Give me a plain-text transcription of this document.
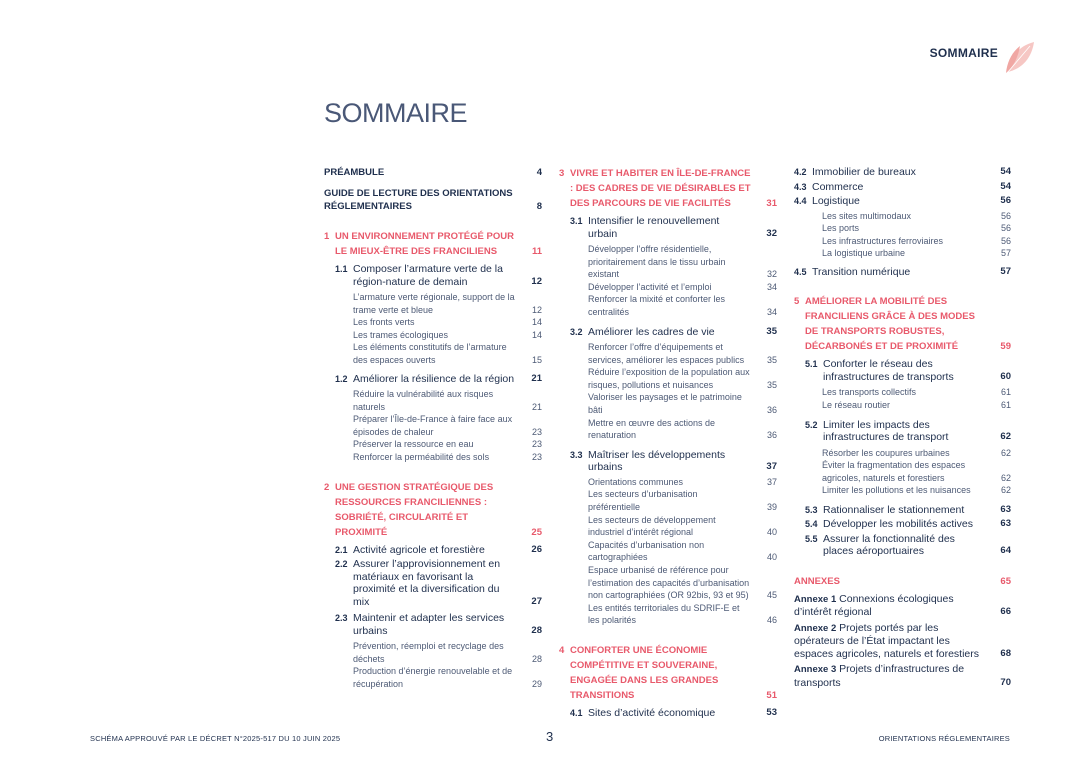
SOMMAIRE
SOMMAIRE
PRÉAMBULE	4
GUIDE DE LECTURE DES ORIENTATIONS RÉGLEMENTAIRES	8
1 UN ENVIRONNEMENT PROTÉGÉ POUR LE MIEUX-ÊTRE DES FRANCILIENS	11
1.1 Composer l’armature verte de la région-nature de demain	12
L’armature verte régionale, support de la trame verte et bleue	12
Les fronts verts	14
Les trames écologiques	14
Les éléments constitutifs de l’armature des espaces ouverts	15
1.2 Améliorer la résilience de la région 21
Réduire la vulnérabilité aux risques naturels	21
Préparer l’Île-de-France à faire face aux épisodes de chaleur	23
Préserver la ressource en eau	23
Renforcer la perméabilité des sols	23
2 UNE GESTION STRATÉGIQUE DES RESSOURCES FRANCILIENNES : SOBRIÉTÉ, CIRCULARITÉ ET PROXIMITÉ	25
2.1 Activité agricole et forestière	26
2.2 Assurer l’approvisionnement en matériaux en favorisant la proximité et la diversification du mix	27
2.3 Maintenir et adapter les services urbains	28
Prévention, réemploi et recyclage des déchets	28
Production d’énergie renouvelable et de récupération	29
3 VIVRE ET HABITER EN ÎLE-DE-FRANCE : DES CADRES DE VIE DÉSIRABLES ET DES PARCOURS DE VIE FACILITÉS	31
3.1 Intensifier le renouvellement urbain	32
Développer l’offre résidentielle, prioritairement dans le tissu urbain existant	32
Développer l’activité et l’emploi	34
Renforcer la mixité et conforter les centralités	34
3.2 Améliorer les cadres de vie	35
Renforcer l’offre d’équipements et services, améliorer les espaces publics	35
Réduire l’exposition de la population aux risques, pollutions et nuisances	35
Valoriser les paysages et le patrimoine bâti	36
Mettre en œuvre des actions de renaturation	36
3.3 Maîtriser les développements urbains	37
Orientations communes	37
Les secteurs d’urbanisation préférentielle	39
Les secteurs de développement industriel d’intérêt régional	40
Capacités d’urbanisation non cartographiées	40
Espace urbanisé de référence pour l’estimation des capacités d’urbanisation non cartographiées (OR 92bis, 93 et 95) 45
Les entités territoriales du SDRIF-E et les polarités	46
4 CONFORTER UNE ÉCONOMIE COMPÉTITIVE ET SOUVERAINE, ENGAGÉE DANS LES GRANDES TRANSITIONS	51
4.1 Sites d’activité économique	53
4.2 Immobilier de bureaux	54
4.3 Commerce	54
4.4 Logistique	56
Les sites multimodaux	56
Les ports	56
Les infrastructures ferroviaires	56
La logistique urbaine	57
4.5 Transition numérique	57
5 AMÉLIORER LA MOBILITÉ DES FRANCILIENS GRÂCE À DES MODES DE TRANSPORTS ROBUSTES, DÉCARBONÉS ET DE PROXIMITÉ	59
5.1 Conforter le réseau des infrastructures de transports	60
Les transports collectifs	61
Le réseau routier	61
5.2 Limiter les impacts des infrastructures de transport	62
Résorber les coupures urbaines	62
Éviter la fragmentation des espaces agricoles, naturels et forestiers	62
Limiter les pollutions et les nuisances	62
5.3 Rationnaliser le stationnement	63
5.4 Développer les mobilités actives	63
5.5 Assurer la fonctionnalité des places aéroportuaires	64
ANNEXES	65
Annexe 1 Connexions écologiques d’intérêt régional	66
Annexe 2 Projets portés par les opérateurs de l’État impactant les espaces agricoles, naturels et forestiers 68
Annexe 3 Projets d’infrastructures de transports	70
SCHÉMA APPROUVÉ PAR LE DÉCRET N°2025-517 DU 10 JUIN 2025	3	ORIENTATIONS RÉGLEMENTAIRES
